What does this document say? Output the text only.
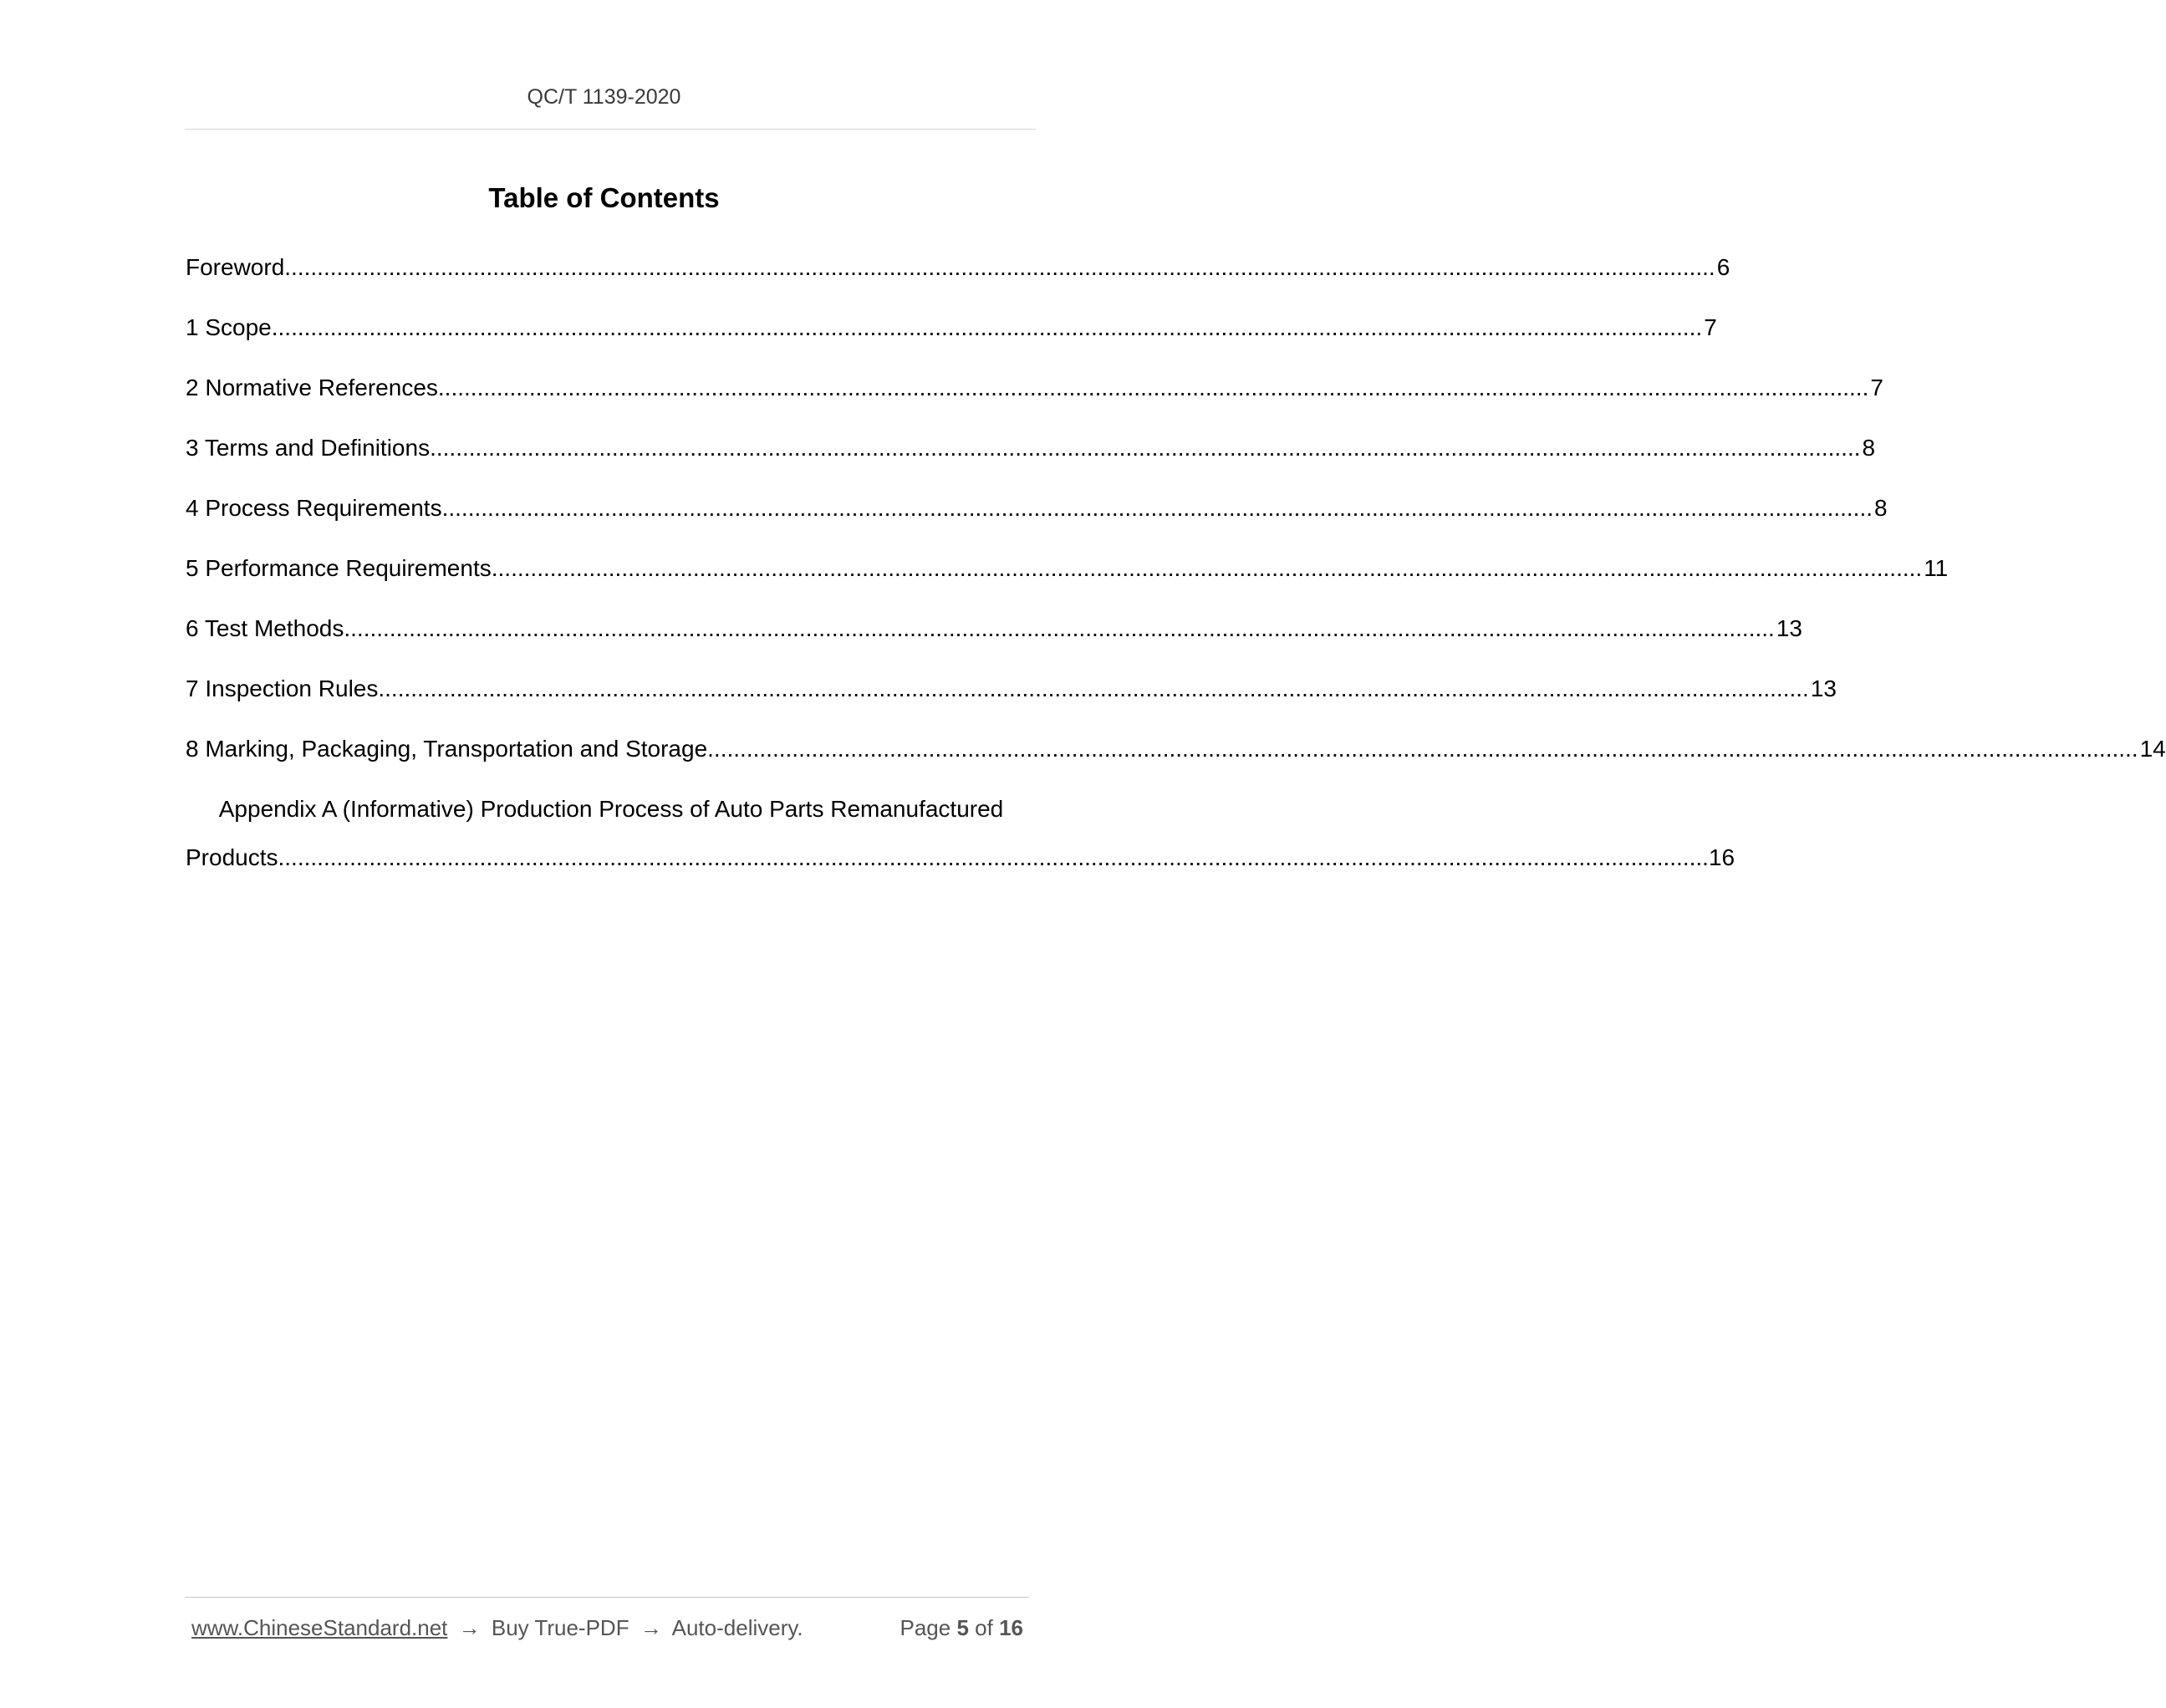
QC/T 1139-2020
Table of Contents
Foreword ............................................................................................................................................................................................................................ 6
1 Scope ............................................................................................................................................................................................................................ 7
2 Normative References ............................................................................................................................................................................................................................ 7
3 Terms and Definitions ............................................................................................................................................................................................................................ 8
4 Process Requirements ............................................................................................................................................................................................................................ 8
5 Performance Requirements ............................................................................................................................................................................................................................ 11
6 Test Methods ............................................................................................................................................................................................................................ 13
7 Inspection Rules ............................................................................................................................................................................................................................ 13
8 Marking, Packaging, Transportation and Storage ............................................................................................................................................................................................................................ 14
Appendix A (Informative) Production Process of Auto Parts Remanufactured
Products ............................................................................................................................................................................................................................ 16
www.ChineseStandard.net → Buy True-PDF → Auto-delivery.	Page 5 of 16
